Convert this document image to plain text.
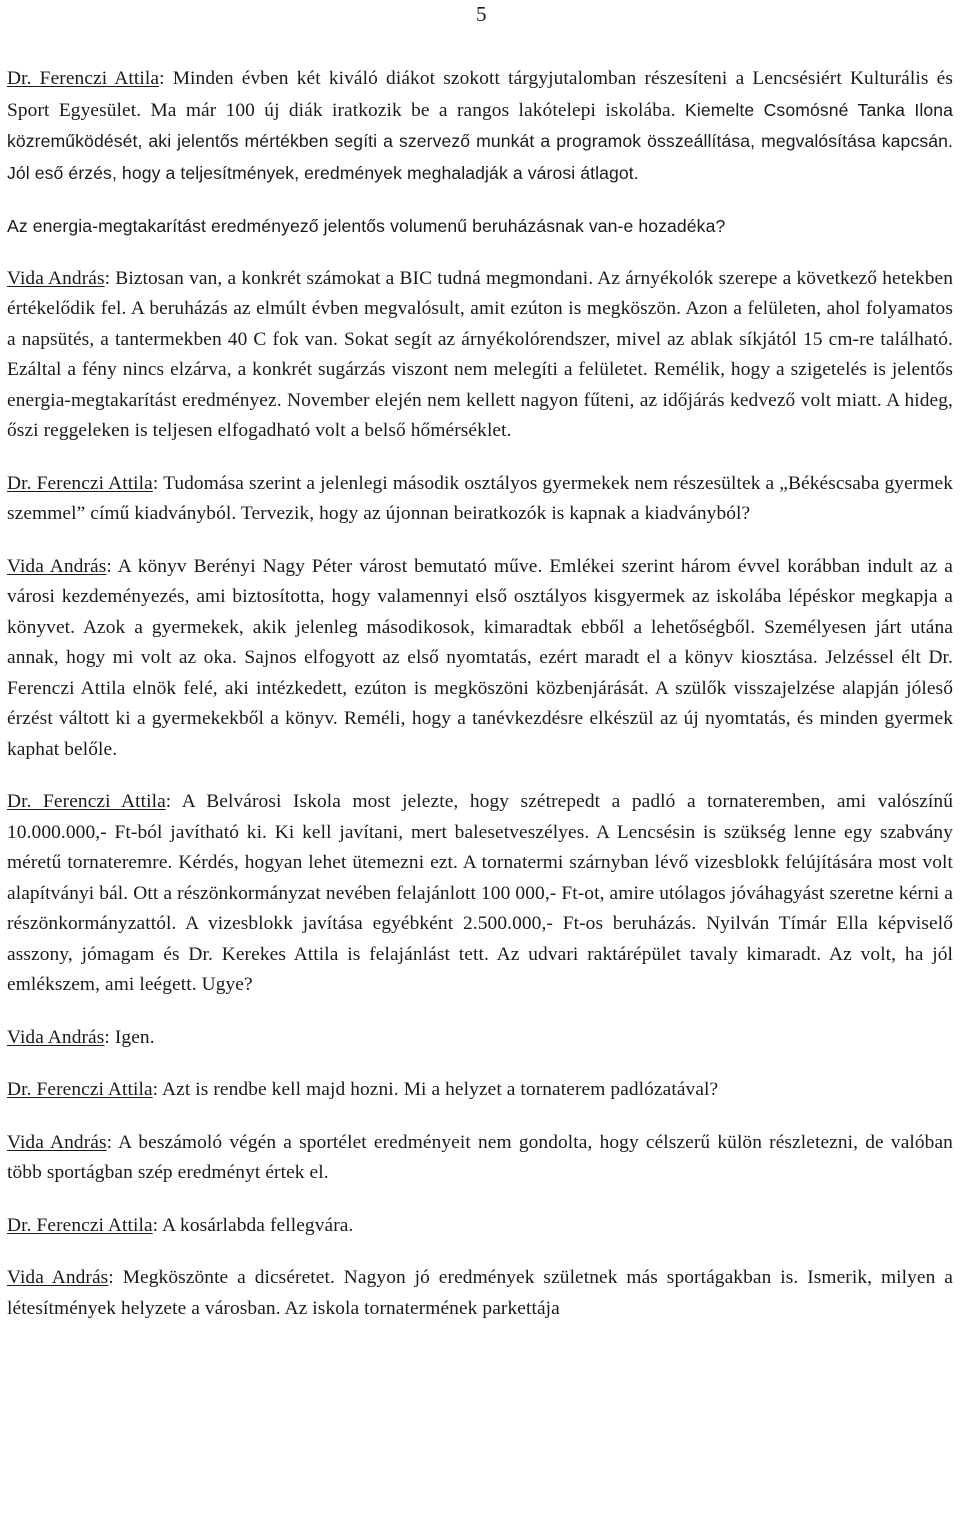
5

Dr. Ferenczi Attila: Minden évben két kiváló diákot szokott tárgyjutalomban részesíteni a Lencsésiért Kulturális és Sport Egyesület. Ma már 100 új diák iratkozik be a rangos lakótelepi iskolába. Kiemelte Csomósné Tanka Ilona közreműködését, aki jelentős mértékben segíti a szervező munkát a programok összeállítása, megvalósítása kapcsán. Jól eső érzés, hogy a teljesítmények, eredmények meghaladják a városi átlagot.

Az energia-megtakarítást eredményező jelentős volumenű beruházásnak van-e hozadéka?

Vida András: Biztosan van, a konkrét számokat a BIC tudná megmondani. Az árnyékolók szerepe a következő hetekben értékelődik fel. A beruházás az elmúlt évben megvalósult, amit ezúton is megköszön. Azon a felületen, ahol folyamatos a napsütés, a tantermekben 40 C fok van. Sokat segít az árnyékolórendszer, mivel az ablak síkjától 15 cm-re található. Ezáltal a fény nincs elzárva, a konkrét sugárzás viszont nem melegíti a felületet. Remélik, hogy a szigetelés is jelentős energia-megtakarítást eredményez. November elején nem kellett nagyon fűteni, az időjárás kedvező volt miatt. A hideg, őszi reggeleken is teljesen elfogadható volt a belső hőmérséklet.

Dr. Ferenczi Attila: Tudomása szerint a jelenlegi második osztályos gyermekek nem részesültek a „Békéscsaba gyermek szemmel” című kiadványból. Tervezik, hogy az újonnan beiratkozók is kapnak a kiadványból?

Vida András: A könyv Berényi Nagy Péter várost bemutató műve. Emlékei szerint három évvel korábban indult az a városi kezdeményezés, ami biztosította, hogy valamennyi első osztályos kisgyermek az iskolába lépéskor megkapja a könyvet. Azok a gyermekek, akik jelenleg másodikosok, kimaradtak ebből a lehetőségből. Személyesen járt utána annak, hogy mi volt az oka. Sajnos elfogyott az első nyomtatás, ezért maradt el a könyv kiosztása. Jelzéssel élt Dr. Ferenczi Attila elnök felé, aki intézkedett, ezúton is megköszöni közbenjárását. A szülők visszajelzése alapján jóleső érzést váltott ki a gyermekekből a könyv. Reméli, hogy a tanévkezdésre elkészül az új nyomtatás, és minden gyermek kaphat belőle.

Dr. Ferenczi Attila: A Belvárosi Iskola most jelezte, hogy szétrepedt a padló a tornateremben, ami valószínű 10.000.000,- Ft-ból javítható ki. Ki kell javítani, mert balesetveszélyes. A Lencsésin is szükség lenne egy szabvány méretű tornateremre. Kérdés, hogyan lehet ütemezni ezt. A tornatermi szárnyban lévő vizesblokk felújítására most volt alapítványi bál. Ott a részönkormányzat nevében felajánlott 100 000,- Ft-ot, amire utólagos jóváhagyást szeretne kérni a részönkormányzattól. A vizesblokk javítása egyébként 2.500.000,- Ft-os beruházás. Nyilván Tímár Ella képviselő asszony, jómagam és Dr. Kerekes Attila is felajánlást tett. Az udvari raktárépület tavaly kimaradt. Az volt, ha jól emlékszem, ami leégett. Ugye?

Vida András: Igen.

Dr. Ferenczi Attila: Azt is rendbe kell majd hozni. Mi a helyzet a tornaterem padlózatával?

Vida András: A beszámoló végén a sportélet eredményeit nem gondolta, hogy célszerű külön részletezni, de valóban több sportágban szép eredményt értek el.

Dr. Ferenczi Attila: A kosárlabda fellegvára.

Vida András: Megköszönte a dicséretet. Nagyon jó eredmények születnek más sportágakban is. Ismerik, milyen a létesítmények helyzete a városban. Az iskola tornatermének parkettája
